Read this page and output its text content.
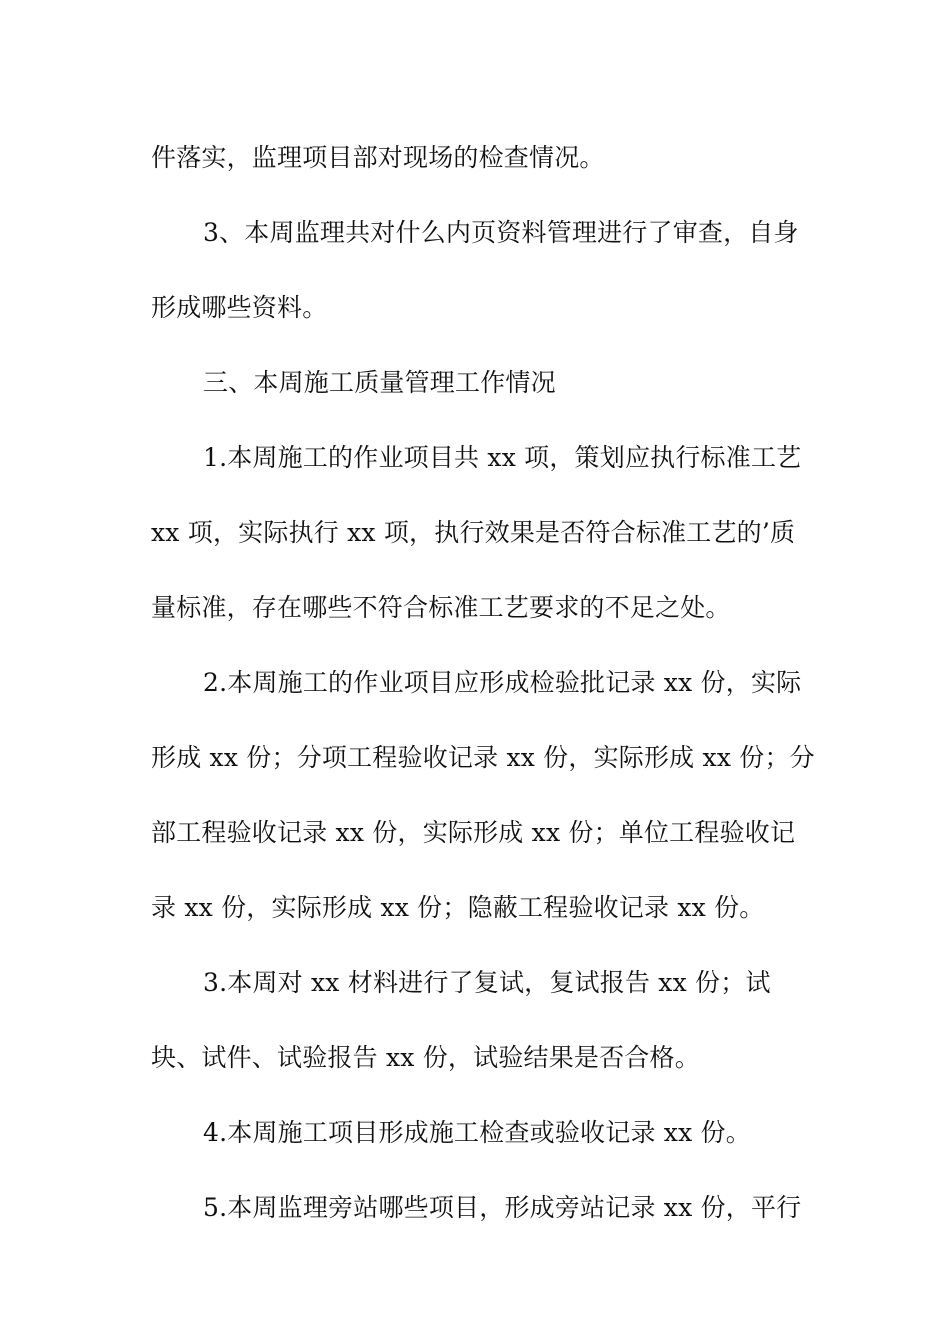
件落实，监理项目部对现场的检查情况。
3、本周监理共对什么内页资料管理进行了审查，自身
形成哪些资料。
三、本周施工质量管理工作情况
1.本周施工的作业项目共 xx 项，策划应执行标准工艺
xx 项，实际执行 xx 项，执行效果是否符合标准工艺的’质
量标准，存在哪些不符合标准工艺要求的不足之处。
2.本周施工的作业项目应形成检验批记录 xx 份，实际
形成 xx 份；分项工程验收记录 xx 份，实际形成 xx 份；分
部工程验收记录 xx 份，实际形成 xx 份；单位工程验收记
录 xx 份，实际形成 xx 份；隐蔽工程验收记录 xx 份。
3.本周对 xx 材料进行了复试，复试报告 xx 份；试
块、试件、试验报告 xx 份，试验结果是否合格。
4.本周施工项目形成施工检查或验收记录 xx 份。
5.本周监理旁站哪些项目，形成旁站记录 xx 份，平行
